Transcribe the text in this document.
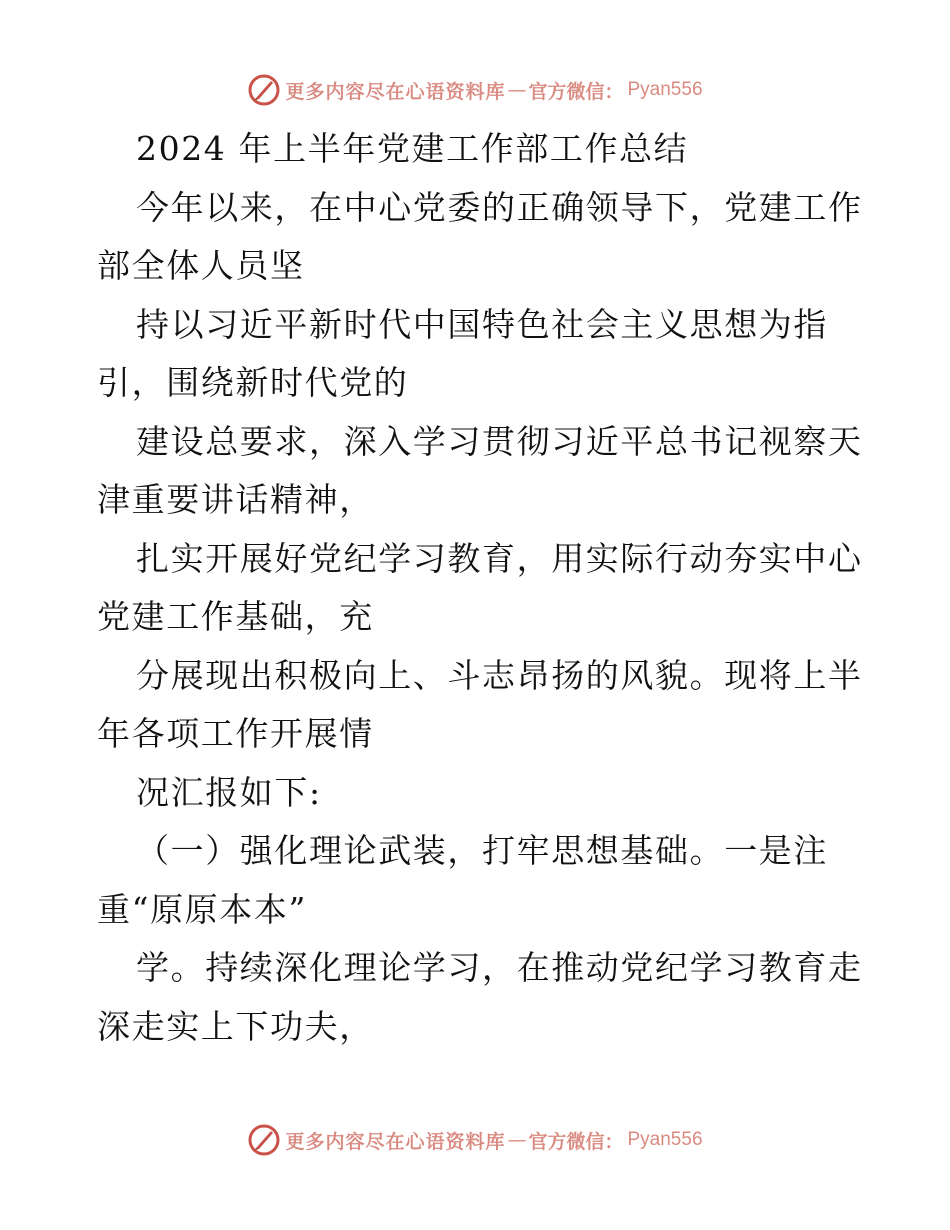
更多内容尽在心语资料库 — 官方微信： Pyan556
2024 年上半年党建工作部工作总结
今年以来，在中心党委的正确领导下，党建工作
部全体人员坚
持以习近平新时代中国特色社会主义思想为指
引，围绕新时代党的
建设总要求，深入学习贯彻习近平总书记视察天
津重要讲话精神，
扎实开展好党纪学习教育，用实际行动夯实中心
党建工作基础，充
分展现出积极向上、斗志昂扬的风貌。现将上半
年各项工作开展情
况汇报如下:
（一）强化理论武装，打牢思想基础。一是注
重“原原本本”
学。持续深化理论学习，在推动党纪学习教育走
深走实上下功夫，
更多内容尽在心语资料库 — 官方微信： Pyan556
